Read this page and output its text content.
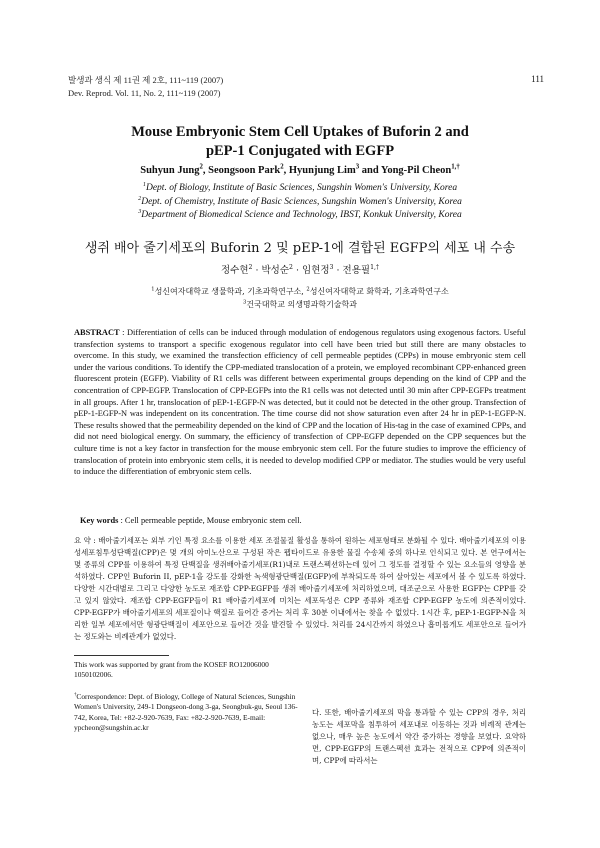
발생과 생식 제 11권 제 2호, 111~119 (2007)
Dev. Reprod. Vol. 11, No. 2, 111~119 (2007)
111
Mouse Embryonic Stem Cell Uptakes of Buforin 2 and
pEP-1 Conjugated with EGFP
Suhyun Jung$^2$, Seongsoon Park$^2$, Hyunjung Lim$^3$ and Yong-Pil Cheon$^{1,\dagger}$
$^1$Dept. of Biology, Institute of Basic Sciences, Sungshin Women's University, Korea
$^2$Dept. of Chemistry, Institute of Basic Sciences, Sungshin Women's University, Korea
$^3$Department of Biomedical Science and Technology, IBST, Konkuk University, Korea
생쥐 배아 줄기세포의 Buforin 2 및 pEP-1에 결합된 EGFP의 세포 내 수송
정수현$^2$ · 박성순$^2$ · 임현정$^3$ · 전용필$^{1,\dagger}$
$^1$성신여자대학교 생물학과, 기초과학연구소, $^2$성신여자대학교 화학과, 기초과학연구소
$^3$건국대학교 의생명과학기술학과
ABSTRACT : Differentiation of cells can be induced through modulation of endogenous regulators using exogenous factors. Useful transfection systems to transport a specific exogenous regulator into cell have been tried but still there are many obstacles to overcome. In this study, we examined the transfection efficiency of cell permeable peptides (CPPs) in mouse embryonic stem cell under the various conditions. To identify the CPP-mediated translocation of a protein, we employed recombinant CPP-enhanced green fluorescent protein (EGFP). Viability of R1 cells was different between experimental groups depending on the kind of CPP and the concentration of CPP-EGFP. Translocation of CPP-EGFPs into the R1 cells was not detected until 30 min after CPP-EGFPs treatment in all groups. After 1 hr, translocation of pEP-1-EGFP-N was detected, but it could not be detected in the other group. Transfection of pEP-1-EGFP-N was independent on its concentration. The time course did not show saturation even after 24 hr in pEP-1-EGFP-N. These results showed that the permeability depended on the kind of CPP and the location of His-tag in the case of examined CPPs, and did not need biological energy. On summary, the efficiency of transfection of CPP-EGFP depended on the CPP sequences but the culture time is not a key factor in transfection for the mouse embryonic stem cell. For the future studies to improve the efficiency of translocation of protein into embryonic stem cells, it is needed to develop modified CPP or mediator. The studies would be very useful to induce the differentiation of embryonic stem cells.
Key words : Cell permeable peptide, Mouse embryonic stem cell.
요 약 : 배아줄기세포는 외부 기인 특정 요소를 이용한 세포 조절물질 활성을 통하여 원하는 세포형태로 분화될 수 있다. 배아줄기세포의 이용성세포침투성단백질(CPP)은 몇 개의 아미노산으로 구성된 작은 펩타이드로 유용한 물질 수송체 중의 하나로 인식되고 있다. 본 연구에서는 몇 종류의 CPP를 이용하여 특정 단백질을 생쥐배아줄기세포(R1)내로 트랜스펙션하는데 있어 그 정도를 결정할 수 있는 요소들의 영향을 분석하였다. CPP인 Buforin II, pEP-1을 강도를 강화한 녹색형광단백질(EGFP)에 부착되도록 하여 살아있는 세포에서 볼 수 있도록 하였다. 다양한 시간대별로 그리고 다양한 농도로 재조합 CPP-EGFP를 생쥐 배아줄기세포에 처리하였으며, 대조군으로 사용한 EGFP는 CPP를 갖고 있지 않았다. 재조합 CPP-EGFP들이 R1 배아줄기세포에 미치는 세포독성은 CPP 종류와 재조합 CPP-EGFP 농도에 의존적이었다. CPP-EGFP가 배아줄기세포의 세포질이나 핵질로 들어간 증거는 처리 후 30분 이내에서는 찾을 수 없었다. 1시간 후, pEP-1-EGFP-N을 처리한 일부 세포에서만 형광단백질이 세포안으로 들어간 것을 발견할 수 있었다. 처리를 24시간까지 하였으나 흡미롭게도 세포안으로 들어가는 정도와는 비례관계가 없었다.
This work was supported by grant from the KOSEF RO12006000 1050102006.
†Correspondence: Dept. of Biology, College of Natural Sciences, Sungshin Women's University, 249-1 Dongseon-dong 3-ga, Seongbuk-gu, Seoul 136-742, Korea, Tel: +82-2-920-7639, Fax: +82-2-920-7639, E-mail: ypcheon@sungshin.ac.kr
다. 또한, 배아줄기세포의 막을 통과할 수 있는 CPP의 경우, 처리 농도는 세포막을 침투하여 세포내로 이동하는 것과 비례적 관계는 없으나, 매우 높은 농도에서 약간 증가하는 경향을 보였다. 요약하면, CPP-EGFP의 트랜스펙션 효과는 전적으로 CPP에 의존적이며, CPP에 따라서는
